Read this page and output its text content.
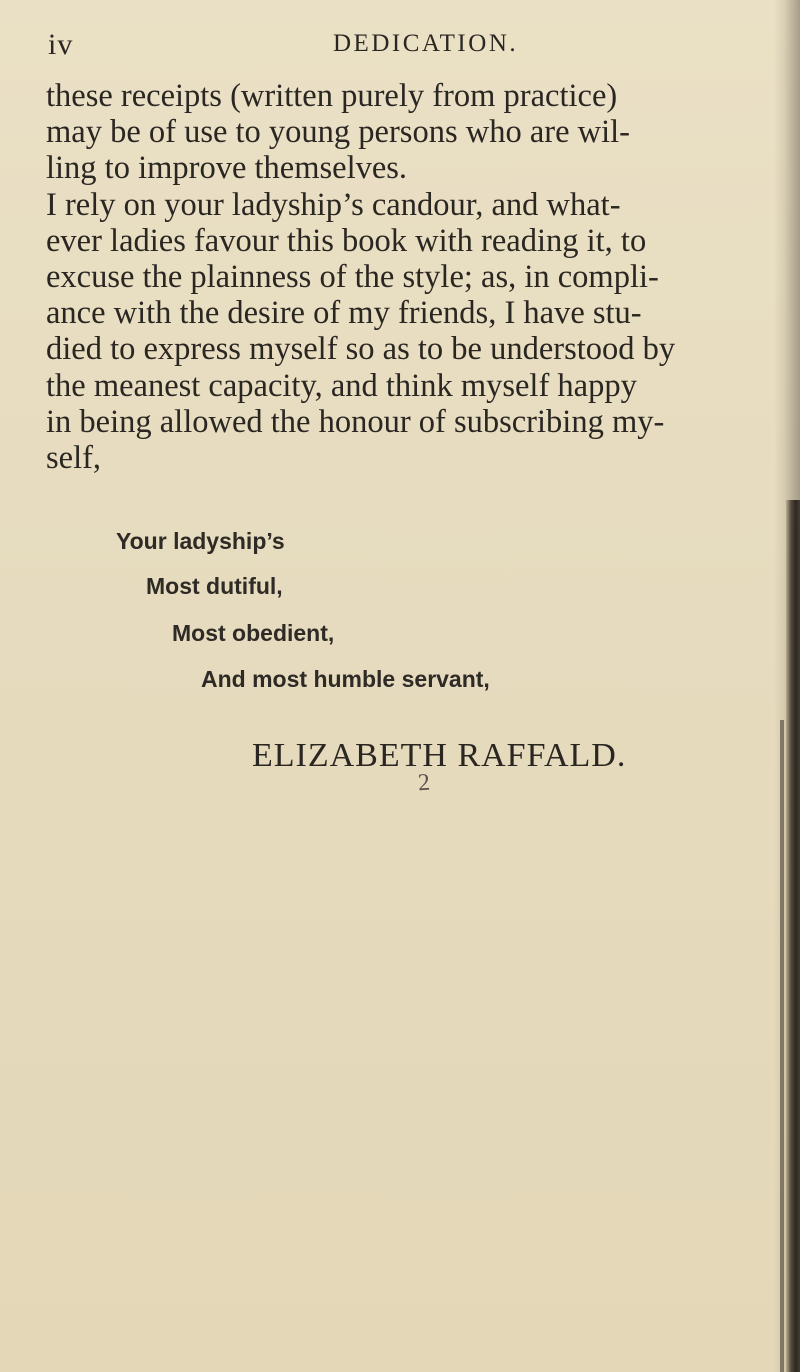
iv	DEDICATION.

these receipts (written purely from practice)

may be of use to young persons who are wil-

ling to improve themselves.

I rely on your ladyship’s candour, and what-

ever ladies favour this book with reading it, to

excuse the plainness of the style; as, in compli-

ance with the desire of my friends, I have stu-

died to express myself so as to be understood by

the meanest capacity, and think myself happy

in being allowed the honour of subscribing my-

self,

Your ladyship’s
Most dutiful,
Most obedient,
And most humble servant,
ELIZABETH RAFFALD.
2
